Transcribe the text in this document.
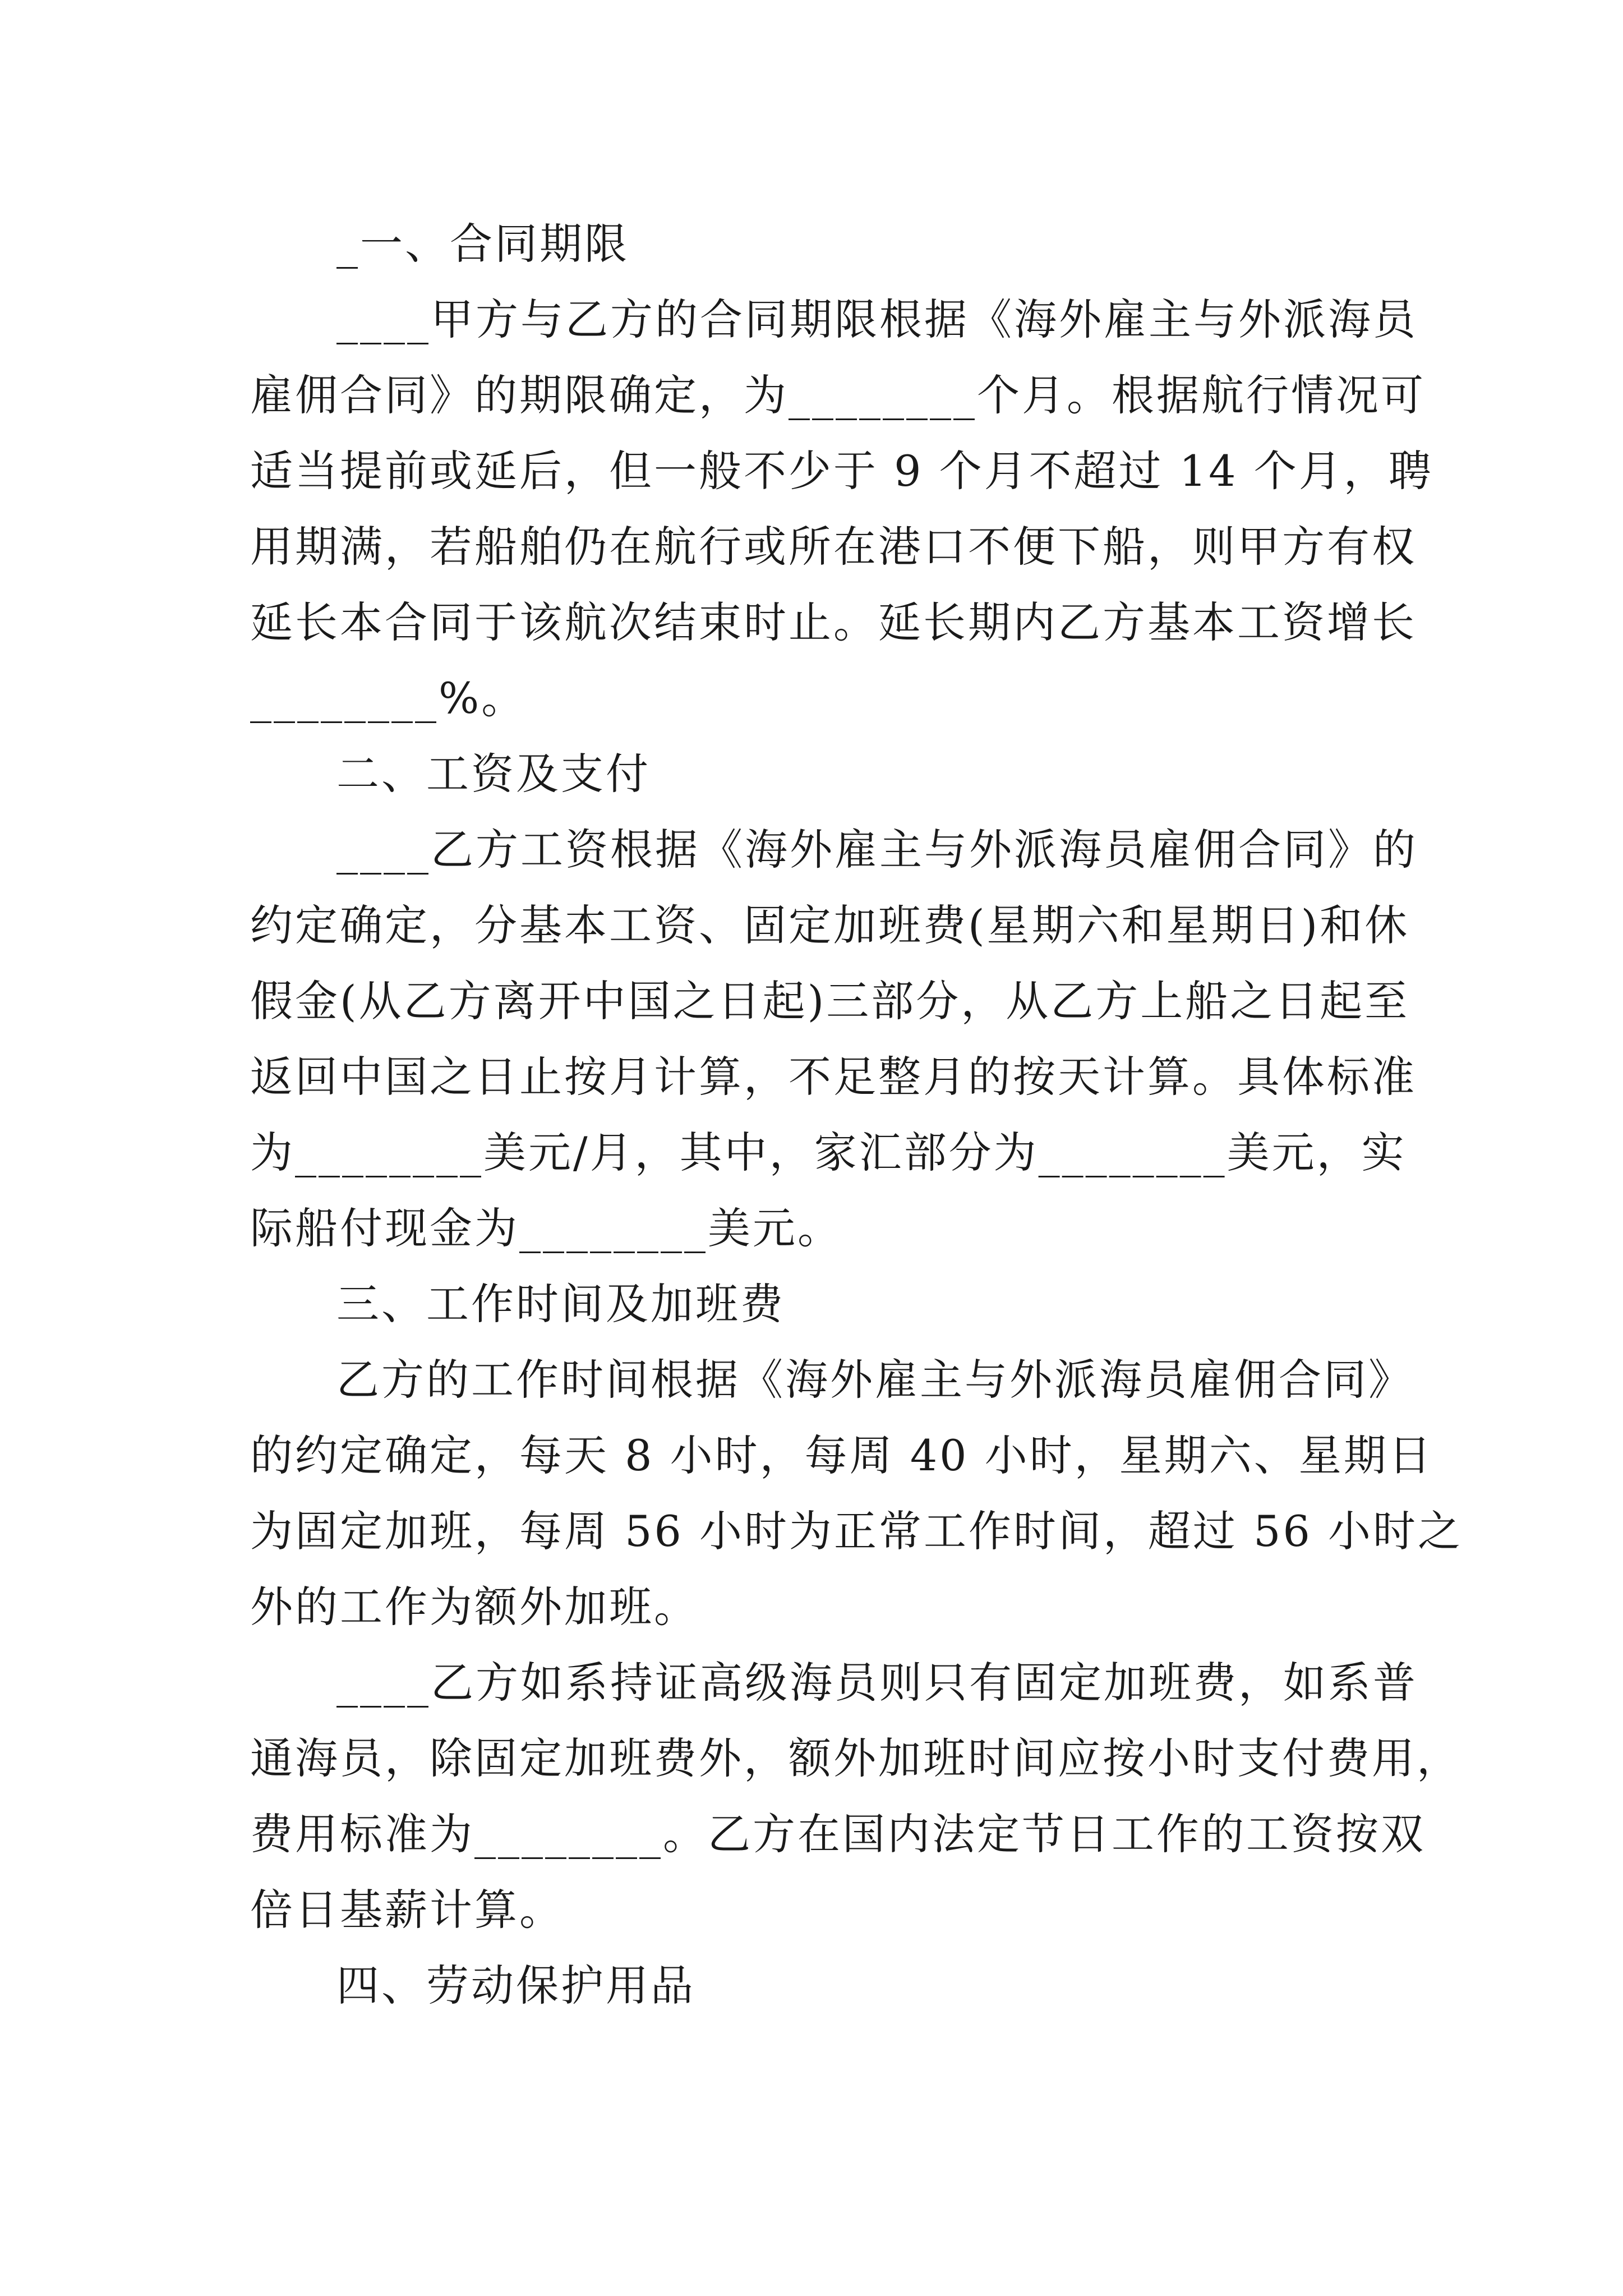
_一、合同期限
____甲方与乙方的合同期限根据《海外雇主与外派海员
雇佣合同》的期限确定，为________个月。根据航行情况可
适当提前或延后，但一般不少于 9 个月不超过 14 个月，聘
用期满，若船舶仍在航行或所在港口不便下船，则甲方有权
延长本合同于该航次结束时止。延长期内乙方基本工资增长
________%。
二、工资及支付
____乙方工资根据《海外雇主与外派海员雇佣合同》的
约定确定，分基本工资、固定加班费(星期六和星期日)和休
假金(从乙方离开中国之日起)三部分，从乙方上船之日起至
返回中国之日止按月计算，不足整月的按天计算。具体标准
为________美元/月，其中，家汇部分为________美元，实
际船付现金为________美元。
三、工作时间及加班费
乙方的工作时间根据《海外雇主与外派海员雇佣合同》
的约定确定，每天 8 小时，每周 40 小时，星期六、星期日
为固定加班，每周 56 小时为正常工作时间，超过 56 小时之
外的工作为额外加班。
____乙方如系持证高级海员则只有固定加班费，如系普
通海员，除固定加班费外，额外加班时间应按小时支付费用，
费用标准为________。乙方在国内法定节日工作的工资按双
倍日基薪计算。
四、劳动保护用品
